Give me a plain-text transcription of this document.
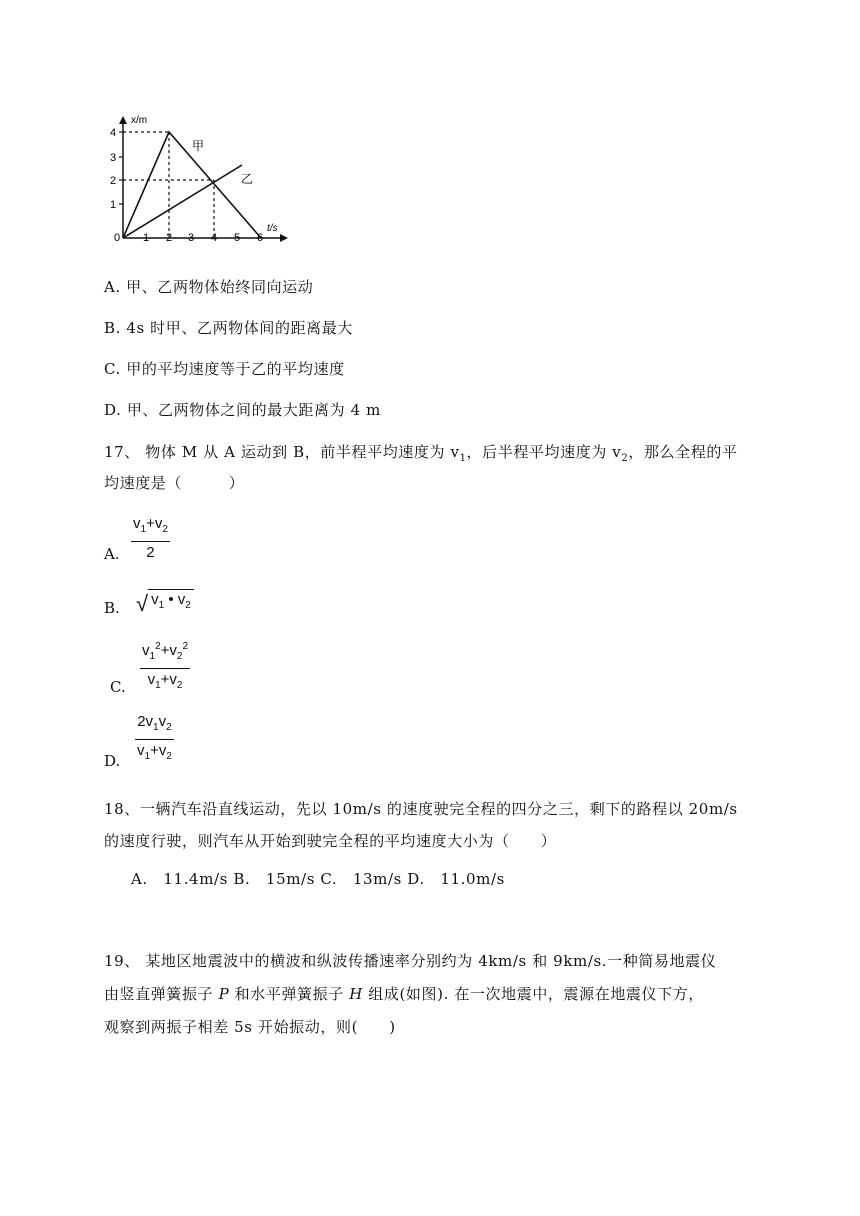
x/m
t/s
0
1
2
3
4
1 2 3 4 5 6
甲
乙
A. 甲、乙两物体始终同向运动
B. 4s 时甲、乙两物体间的距离最大
C. 甲的平均速度等于乙的平均速度
D. 甲、乙两物体之间的最大距离为 4 m
17、 物体 M 从 A 运动到 B，前半程平均速度为 $v_1$，后半程平均速度为 $v_2$，那么全程的平
均速度是（　　　）
A.
$v_1+v_2$
2
B. √ $v_1$ • $v_2$
C.
$v_1^2+v_2^2$
$v_1+v_2$
D.
$2v_1v_2$
$v_1+v_2$
18、一辆汽车沿直线运动，先以 10m/s 的速度驶完全程的四分之三，剩下的路程以 20m/s
的速度行驶，则汽车从开始到驶完全程的平均速度大小为（　　）
A.　11.4m/s B.　15m/s C.　13m/s D.　11.0m/s
19、 某地区地震波中的横波和纵波传播速率分别约为 4km/s 和 9km/s.一种简易地震仪
由竖直弹簧振子 P 和水平弹簧振子 H 组成(如图). 在一次地震中，震源在地震仪下方，
观察到两振子相差 5s 开始振动，则(　　)
